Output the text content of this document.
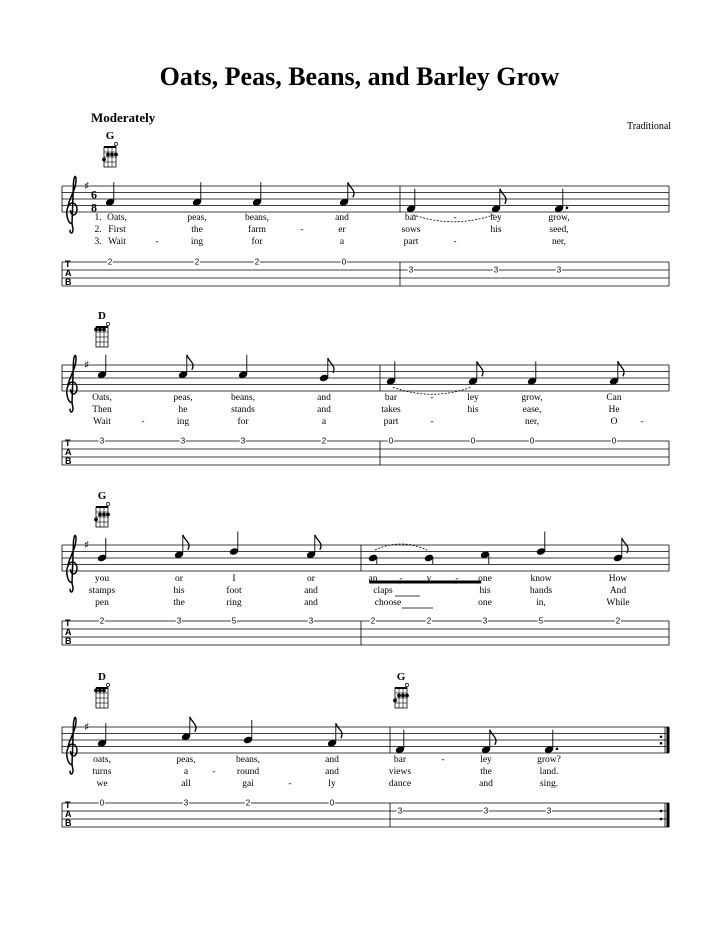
Oats, Peas, Beans, and Barley Grow
Moderately
Traditional
♯
6
8
♯
♯
♯
G
1. Oats,	peas,	beans,	and	bar	-	ley	grow,
2. First	the	farm	-	er	sows	his	seed,
3. Wait	-	ing	for	a	part	-	ner,
T
A
B
2	2	2	0
3	3	3
D
Oats,	peas,	beans,	and	bar	-	ley	grow,	Can
Then	he	stands	and	takes	his	ease,	He
Wait	-	ing	for	a	part	-	ner,	O -
T
A
B
3	3	3	2	0	0	0	0
G
you	or	I	or	an -	y	- one	know	How
stamps	his	foot	and	claps	his	hands	And
pen	the	ring	and	choose	one	in,	While
T
A
B
2	3	5	3	2	2	3	5	2
D	G
oats,	peas,	beans,	and	bar	-	ley	grow?
turns	a	- round	and	views	the	land.
we	all	gai	-	ly	dance	and	sing.
T
A
B
0	3	2	0
3	3	3
